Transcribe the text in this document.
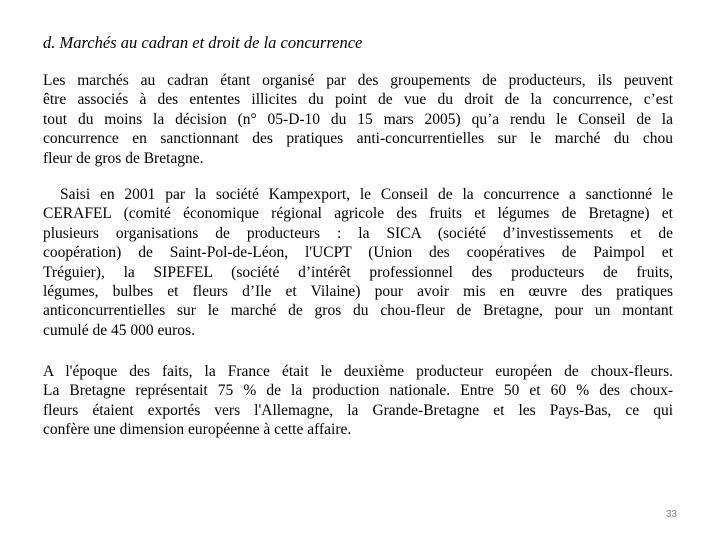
d. Marchés au cadran et droit de la concurrence
Les marchés au cadran étant organisé par des groupements de producteurs, ils peuvent
être associés à des ententes illicites du point de vue du droit de la concurrence, c’est
tout du moins la décision (n° 05-D-10 du 15 mars 2005) qu’a rendu le Conseil de la
concurrence en sanctionnant des pratiques anti-concurrentielles sur le marché du chou
fleur de gros de Bretagne.
Saisi en 2001 par la société Kampexport, le Conseil de la concurrence a sanctionné le
CERAFEL (comité économique régional agricole des fruits et légumes de Bretagne) et
plusieurs organisations de producteurs : la SICA (société d’investissements et de
coopération) de Saint-Pol-de-Léon, l'UCPT (Union des coopératives de Paimpol et
Tréguier), la SIPEFEL (société d’intérêt professionnel des producteurs de fruits,
légumes, bulbes et fleurs d’Ile et Vilaine) pour avoir mis en œuvre des pratiques
anticoncurrentielles sur le marché de gros du chou-fleur de Bretagne, pour un montant
cumulé de 45 000 euros.
A l'époque des faits, la France était le deuxième producteur européen de choux-fleurs.
La Bretagne représentait 75 % de la production nationale. Entre 50 et 60 % des choux-
fleurs étaient exportés vers l'Allemagne, la Grande-Bretagne et les Pays-Bas, ce qui
confère une dimension européenne à cette affaire.
33
